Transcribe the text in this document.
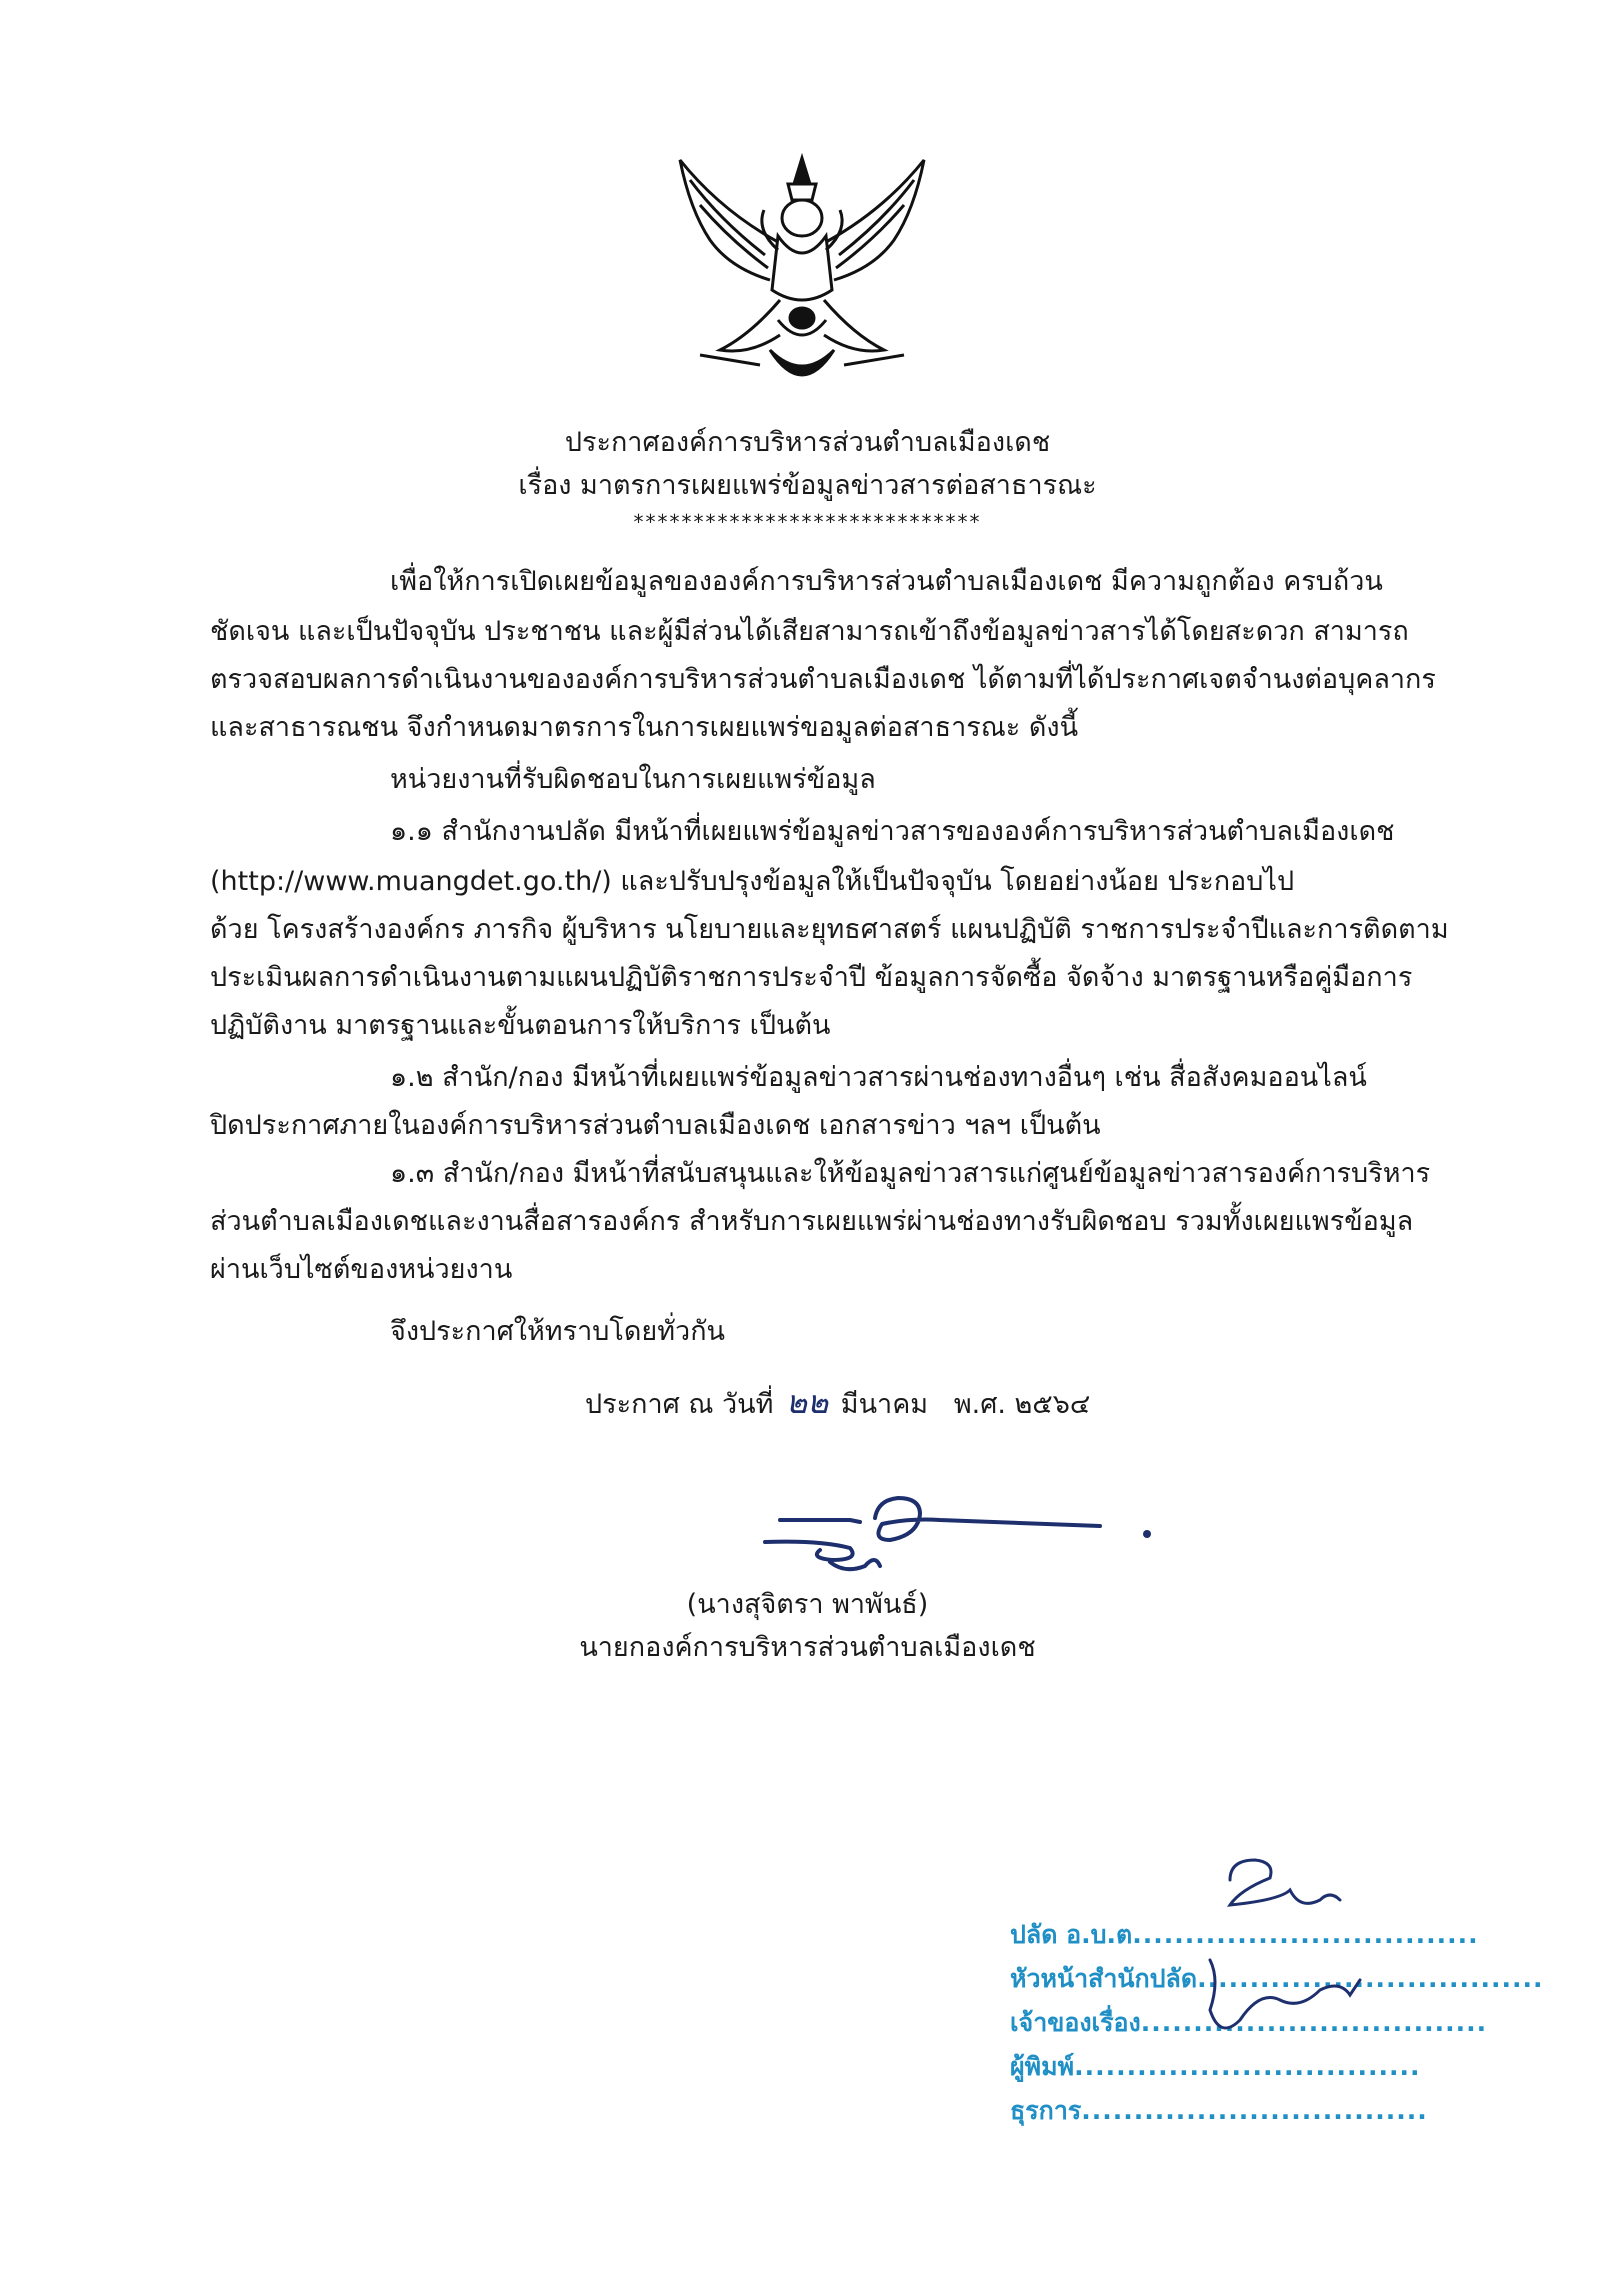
ประกาศองค์การบริหารส่วนตำบลเมืองเดช

เรื่อง มาตรการเผยแพร่ข้อมูลข่าวสารต่อสาธารณะ

*****************************

เพื่อให้การเปิดเผยข้อมูลขององค์การบริหารส่วนตำบลเมืองเดช มีความถูกต้อง ครบถ้วน

ชัดเจน และเป็นปัจจุบัน ประชาชน และผู้มีส่วนได้เสียสามารถเข้าถึงข้อมูลข่าวสารได้โดยสะดวก สามารถ

ตรวจสอบผลการดำเนินงานขององค์การบริหารส่วนตำบลเมืองเดช ได้ตามที่ได้ประกาศเจตจำนงต่อบุคลากร

และสาธารณชน จึงกำหนดมาตรการในการเผยแพร่ขอมูลต่อสาธารณะ ดังนี้

หน่วยงานที่รับผิดชอบในการเผยแพร่ข้อมูล

๑.๑ สำนักงานปลัด มีหน้าที่เผยแพร่ข้อมูลข่าวสารขององค์การบริหารส่วนตำบลเมืองเดช

(http://www.muangdet.go.th/) และปรับปรุงข้อมูลให้เป็นปัจจุบัน โดยอย่างน้อย ประกอบไป

ด้วย โครงสร้างองค์กร ภารกิจ ผู้บริหาร นโยบายและยุทธศาสตร์ แผนปฏิบัติ ราชการประจำปีและการติดตาม

ประเมินผลการดำเนินงานตามแผนปฏิบัติราชการประจำปี ข้อมูลการจัดซื้อ จัดจ้าง มาตรฐานหรือคู่มือการ

ปฏิบัติงาน มาตรฐานและขั้นตอนการให้บริการ เป็นต้น

๑.๒ สำนัก/กอง มีหน้าที่เผยแพร่ข้อมูลข่าวสารผ่านช่องทางอื่นๆ เช่น สื่อสังคมออนไลน์

ปิดประกาศภายในองค์การบริหารส่วนตำบลเมืองเดช เอกสารข่าว ฯลฯ เป็นต้น

๑.๓ สำนัก/กอง มีหน้าที่สนับสนุนและให้ข้อมูลข่าวสารแก่ศูนย์ข้อมูลข่าวสารองค์การบริหาร

ส่วนตำบลเมืองเดชและงานสื่อสารองค์กร สำหรับการเผยแพร่ผ่านช่องทางรับผิดชอบ รวมทั้งเผยแพรข้อมูล

ผ่านเว็บไซต์ของหน่วยงาน

จึงประกาศให้ทราบโดยทั่วกัน

ประกาศ ณ วันที่ ๒๒ มีนาคม พ.ศ. ๒๕๖๔

(นางสุจิตรา พาพันธ์)

นายกองค์การบริหารส่วนตำบลเมืองเดช

ปลัด อ.บ.ต.................................
หัวหน้าสำนักปลัด.................................
เจ้าของเรื่อง.................................
ผู้พิมพ์.................................
ธุรการ.................................
